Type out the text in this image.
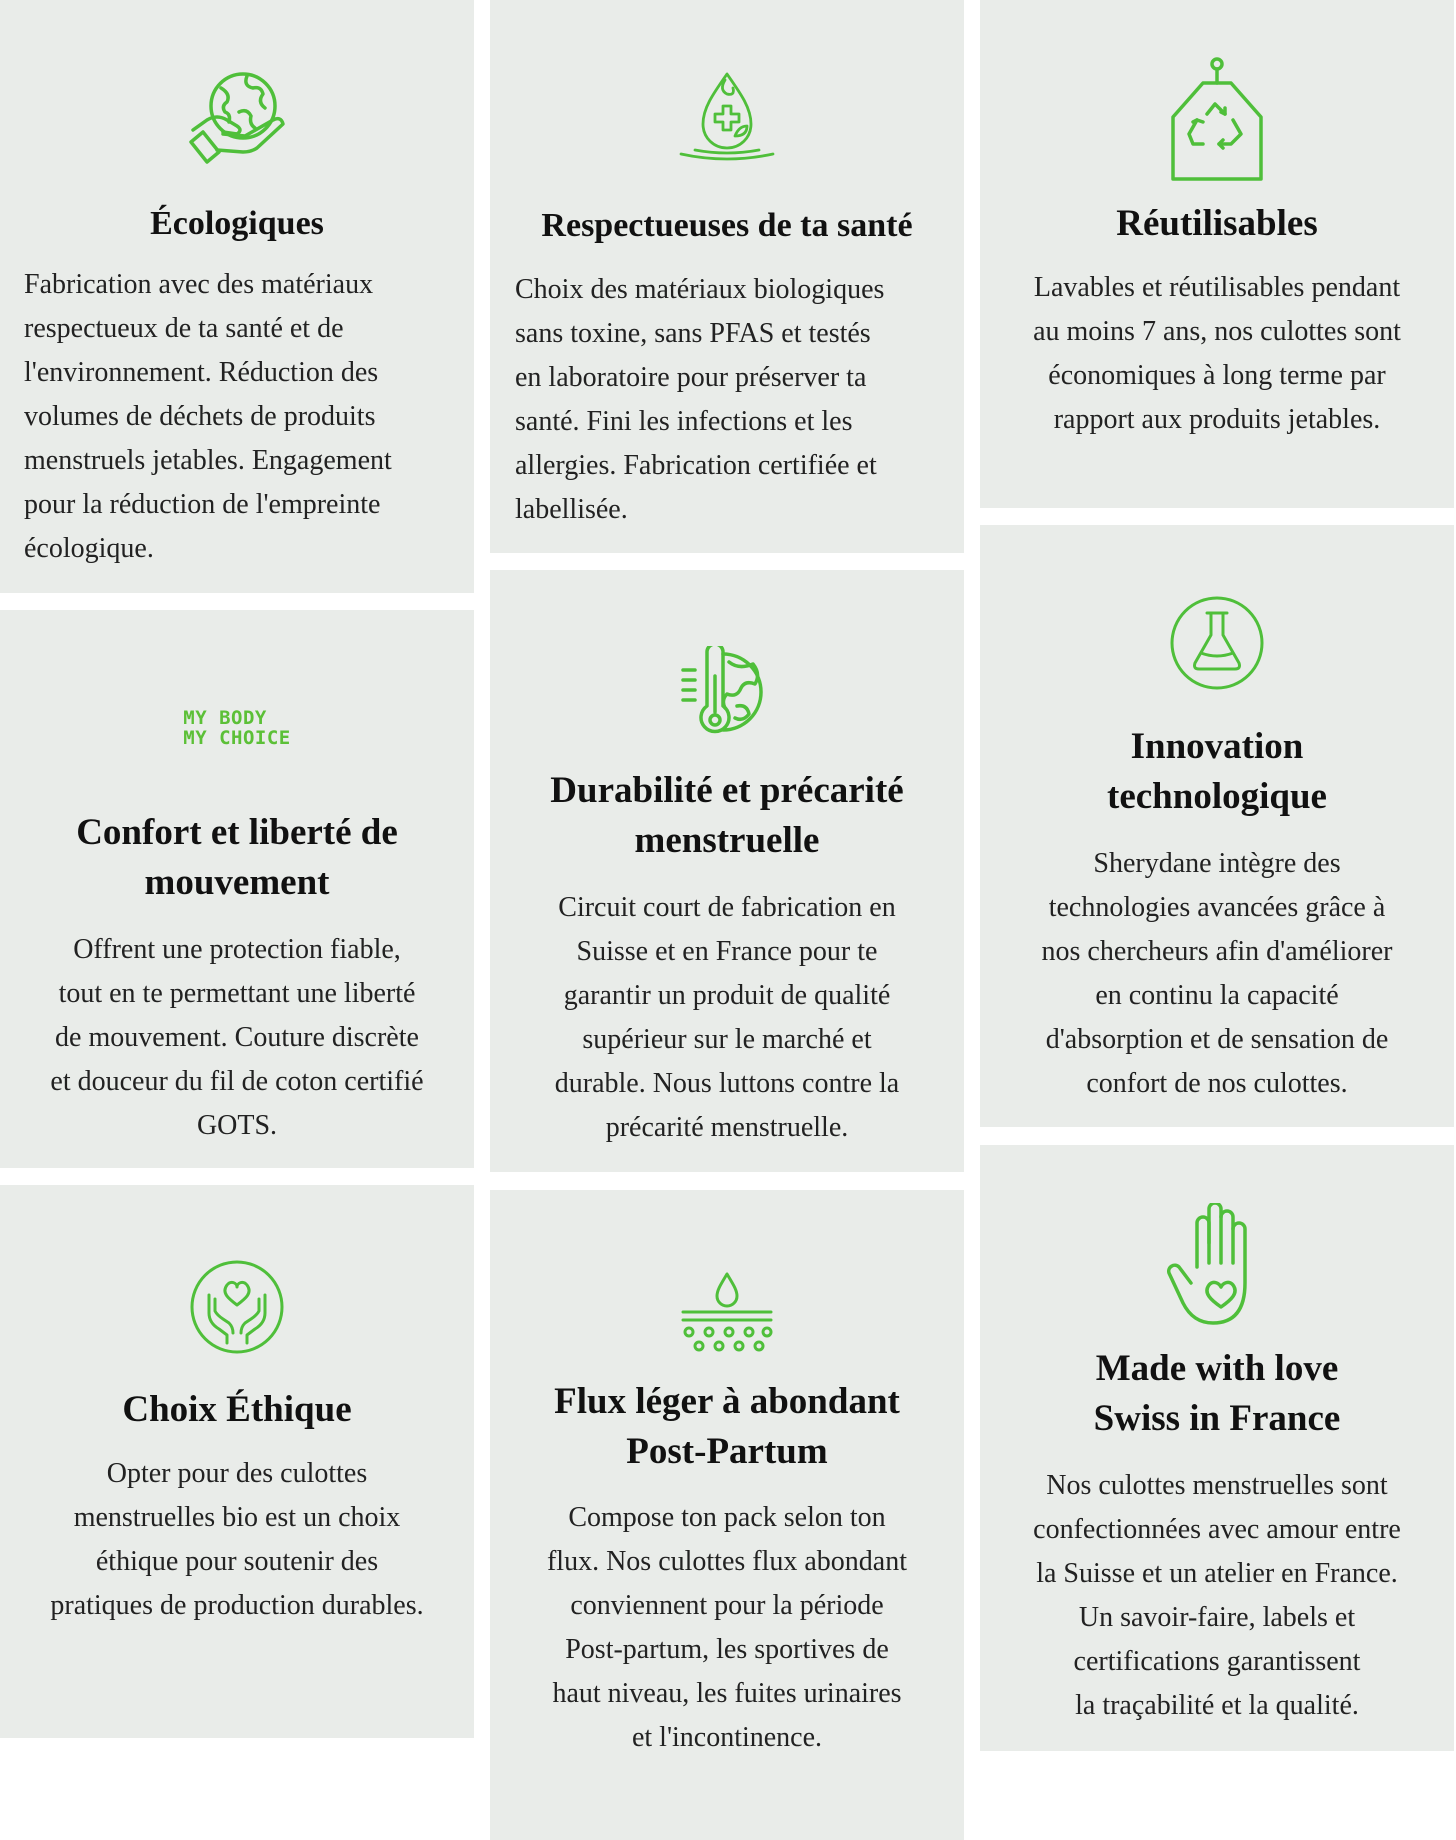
Écologiques

Fabrication avec des matériaux
respectueux de ta santé et de
l'environnement. Réduction des
volumes de déchets de produits
menstruels jetables. Engagement
pour la réduction de l'empreinte
écologique.

MY BODY
MY CHOICE
Confort et liberté de
mouvement

Offrent une protection fiable,
tout en te permettant une liberté
de mouvement. Couture discrète
et douceur du fil de coton certifié
GOTS.

Choix Éthique

Opter pour des culottes
menstruelles bio est un choix
éthique pour soutenir des
pratiques de production durables.

Respectueuses de ta santé

Choix des matériaux biologiques
sans toxine, sans PFAS et testés
en laboratoire pour préserver ta
santé. Fini les infections et les
allergies. Fabrication certifiée et
labellisée.

Durabilité et précarité
menstruelle

Circuit court de fabrication en
Suisse et en France pour te
garantir un produit de qualité
supérieur sur le marché et
durable. Nous luttons contre la
précarité menstruelle.

Flux léger à abondant
Post-Partum

Compose ton pack selon ton
flux. Nos culottes flux abondant
conviennent pour la période
Post-partum, les sportives de
haut niveau, les fuites urinaires
et l'incontinence.

Réutilisables

Lavables et réutilisables pendant
au moins 7 ans, nos culottes sont
économiques à long terme par
rapport aux produits jetables.

Innovation
technologique

Sherydane intègre des
technologies avancées grâce à
nos chercheurs afin d'améliorer
en continu la capacité
d'absorption et de sensation de
confort de nos culottes.

Made with love
Swiss in France

Nos culottes menstruelles sont
confectionnées avec amour entre
la Suisse et un atelier en France.
Un savoir-faire, labels et
certifications garantissent
la traçabilité et la qualité.
